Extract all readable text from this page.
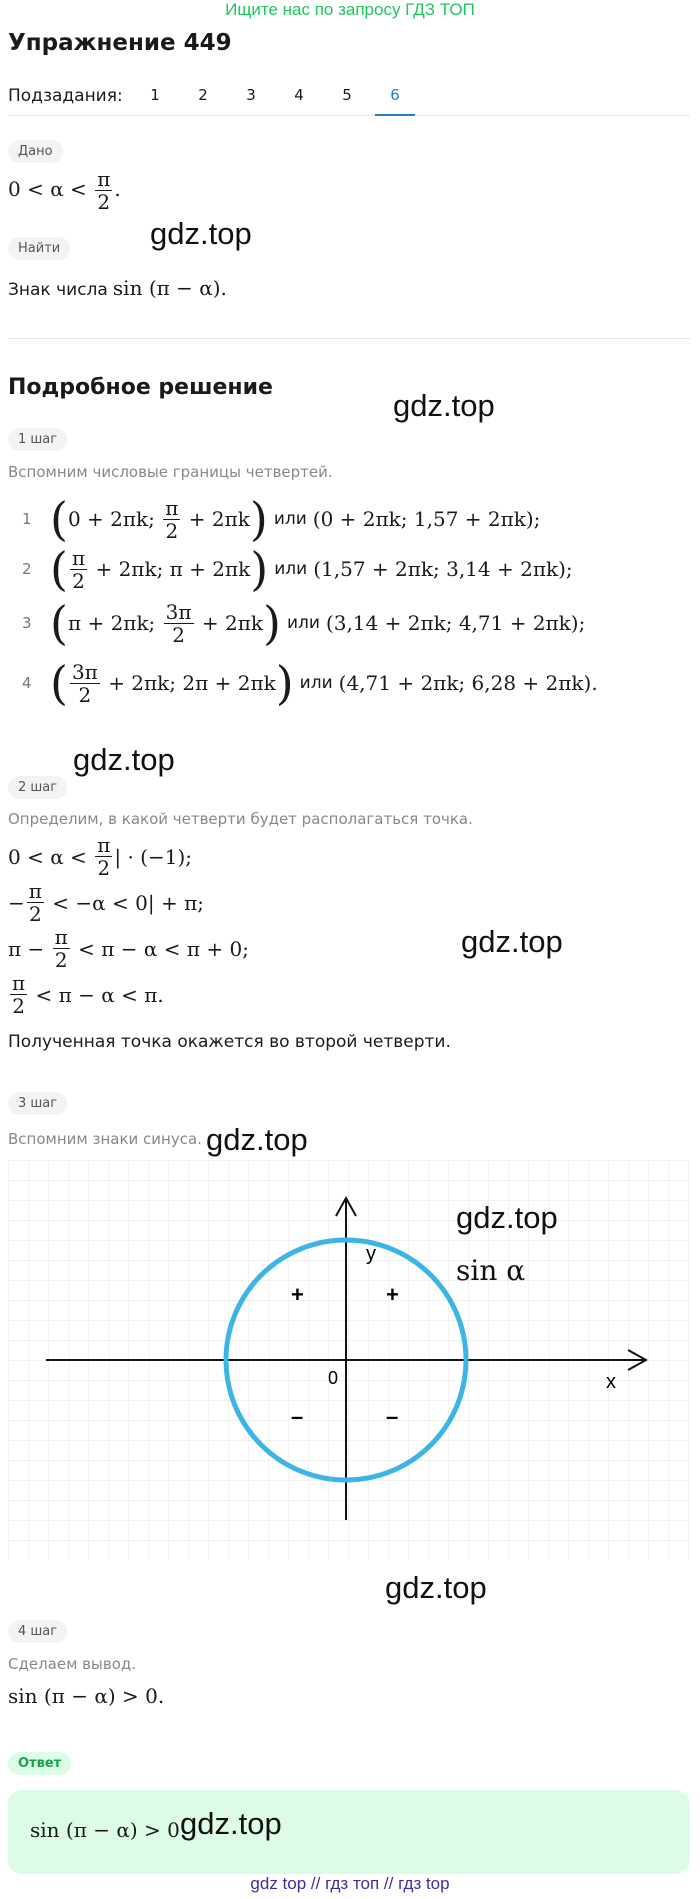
Ищите нас по запросу ГДЗ ТОП
Упражнение 449
Подзадания:	1	2	3	4	5	6
Дано
$0 < \alpha < \frac{\pi}{2}$ .
gdz.top
Найти
Знак числа sin (π − α).
Подробное решение
gdz.top
1 шаг
Вспомним числовые границы четвертей.
1 ( 0 + 2πk;
$\frac{\pi}{2}$
+ 2πk ) или (0 + 2πk; 1,57 + 2πk);
2 ( $\frac{\pi}{2}$
+ 2πk; π + 2πk ) или (1,57 + 2πk; 3,14 + 2πk);
3 ( π + 2πk;
$\frac{3\pi}{2}$
+ 2πk ) или (3,14 + 2πk; 4,71 + 2πk);
4 ( $\frac{3\pi}{2}$
+ 2πk; 2π + 2πk ) или (4,71 + 2πk; 6,28 + 2πk).
gdz.top
2 шаг
Определим, в какой четверти будет располагаться точка.
0 < α <
$\frac{\pi}{2}$ | · (−1);
− $\frac{\pi}{2}$
< −α < 0| + π;
π −
$\frac{\pi}{2}$
< π − α < π + 0;
$\frac{\pi}{2}$
< π − α < π.
gdz.top
Полученная точка окажется во второй четверти.
3 шаг
Вспомним знаки синуса. gdz.top
y
x
0
+	+
–	–
gdz.top
sin α
gdz.top
4 шаг
Сделаем вывод.
sin (π − α) > 0.
Ответ
sin (π − α) > 0.
gdz.top
gdz top // гдз топ // гдз top
